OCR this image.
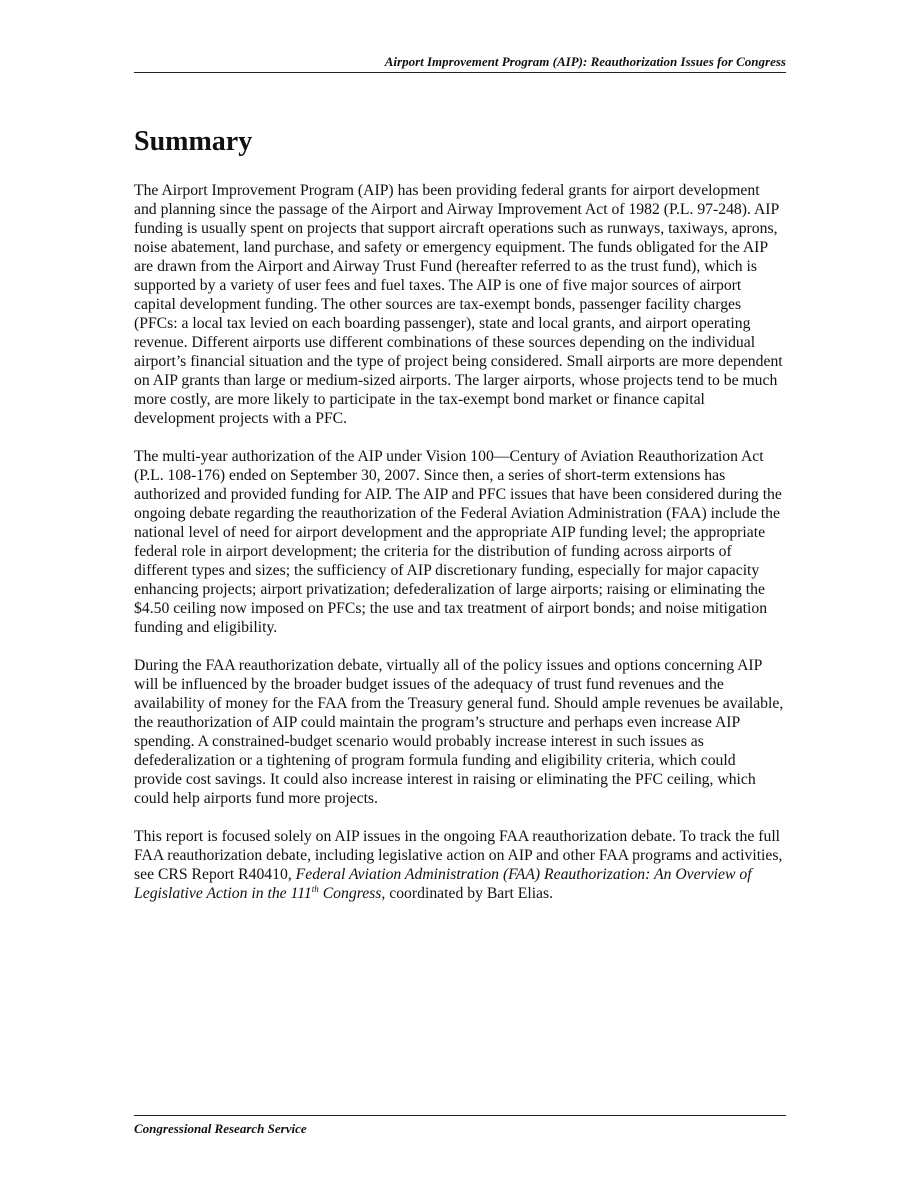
Airport Improvement Program (AIP): Reauthorization Issues for Congress
Summary

The Airport Improvement Program (AIP) has been providing federal grants for airport development and planning since the passage of the Airport and Airway Improvement Act of 1982 (P.L. 97-248). AIP funding is usually spent on projects that support aircraft operations such as runways, taxiways, aprons, noise abatement, land purchase, and safety or emergency equipment. The funds obligated for the AIP are drawn from the Airport and Airway Trust Fund (hereafter referred to as the trust fund), which is supported by a variety of user fees and fuel taxes. The AIP is one of five major sources of airport capital development funding. The other sources are tax-exempt bonds, passenger facility charges (PFCs: a local tax levied on each boarding passenger), state and local grants, and airport operating revenue. Different airports use different combinations of these sources depending on the individual airport’s financial situation and the type of project being considered. Small airports are more dependent on AIP grants than large or medium-sized airports. The larger airports, whose projects tend to be much more costly, are more likely to participate in the tax-exempt bond market or finance capital development projects with a PFC.

The multi-year authorization of the AIP under Vision 100—Century of Aviation Reauthorization Act (P.L. 108-176) ended on September 30, 2007. Since then, a series of short-term extensions has authorized and provided funding for AIP. The AIP and PFC issues that have been considered during the ongoing debate regarding the reauthorization of the Federal Aviation Administration (FAA) include the national level of need for airport development and the appropriate AIP funding level; the appropriate federal role in airport development; the criteria for the distribution of funding across airports of different types and sizes; the sufficiency of AIP discretionary funding, especially for major capacity enhancing projects; airport privatization; defederalization of large airports; raising or eliminating the $4.50 ceiling now imposed on PFCs; the use and tax treatment of airport bonds; and noise mitigation funding and eligibility.

During the FAA reauthorization debate, virtually all of the policy issues and options concerning AIP will be influenced by the broader budget issues of the adequacy of trust fund revenues and the availability of money for the FAA from the Treasury general fund. Should ample revenues be available, the reauthorization of AIP could maintain the program’s structure and perhaps even increase AIP spending. A constrained-budget scenario would probably increase interest in such issues as defederalization or a tightening of program formula funding and eligibility criteria, which could provide cost savings. It could also increase interest in raising or eliminating the PFC ceiling, which could help airports fund more projects.

This report is focused solely on AIP issues in the ongoing FAA reauthorization debate. To track the full FAA reauthorization debate, including legislative action on AIP and other FAA programs and activities, see CRS Report R40410, Federal Aviation Administration (FAA) Reauthorization: An Overview of Legislative Action in the 111th Congress, coordinated by Bart Elias.

Congressional Research Service
